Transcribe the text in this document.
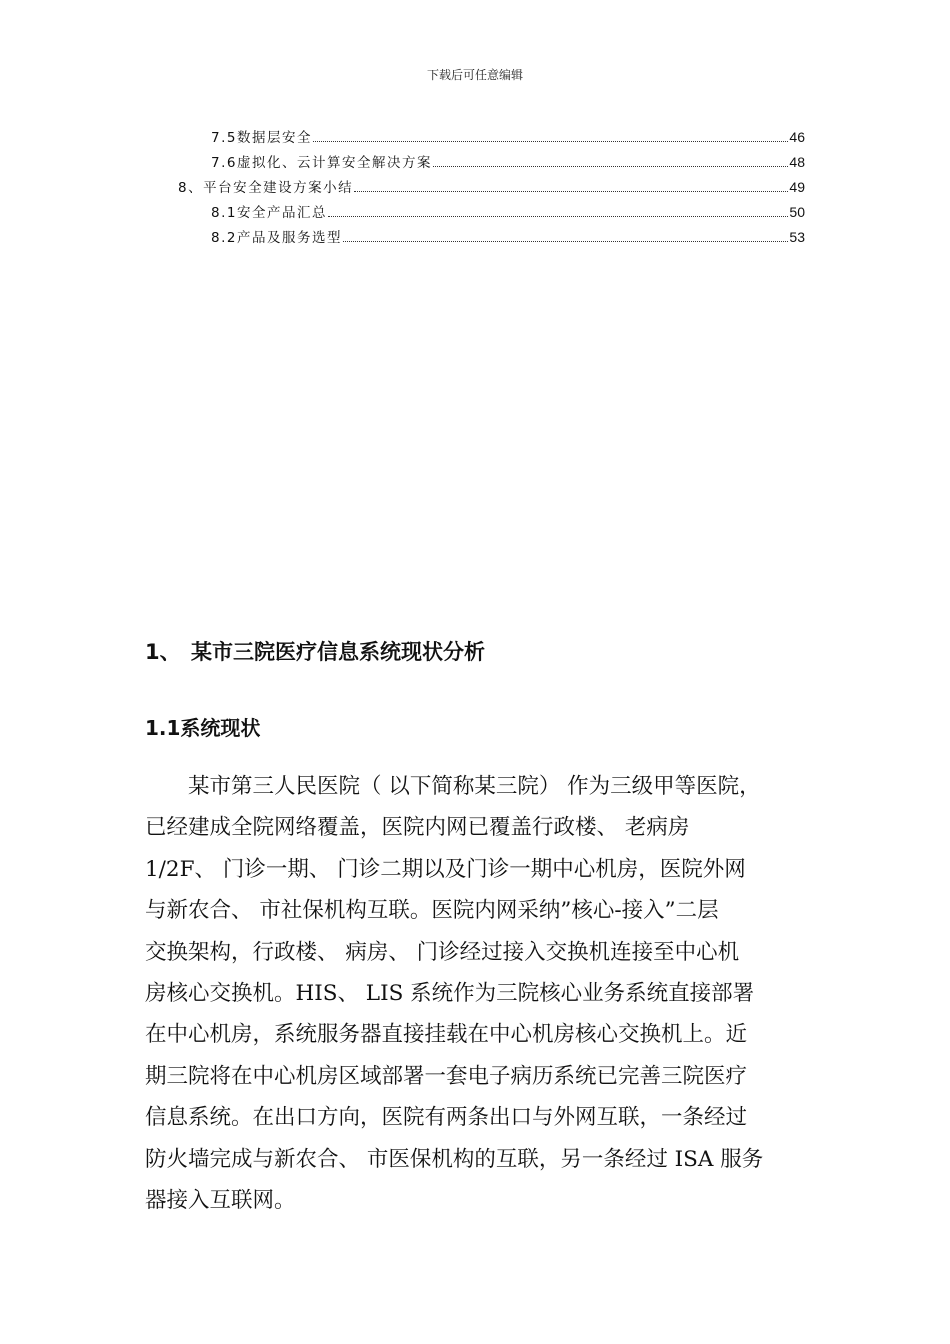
下载后可任意编辑
7.5数据层安全	46
7.6虚拟化、云计算安全解决方案	48
8、平台安全建设方案小结	49
8.1安全产品汇总	50
8.2产品及服务选型	53
1、 某市三院医疗信息系统现状分析
1.1系统现状
　　某市第三人民医院（ 以下简称某三院） 作为三级甲等医院，
已经建成全院网络覆盖，医院内网已覆盖行政楼、 老病房
1/2F、 门诊一期、 门诊二期以及门诊一期中心机房，医院外网
与新农合、 市社保机构互联。医院内网采纳”核心-接入”二层
交换架构，行政楼、 病房、 门诊经过接入交换机连接至中心机
房核心交换机。HIS、 LIS 系统作为三院核心业务系统直接部署
在中心机房，系统服务器直接挂载在中心机房核心交换机上。近
期三院将在中心机房区域部署一套电子病历系统已完善三院医疗
信息系统。在出口方向，医院有两条出口与外网互联，一条经过
防火墙完成与新农合、 市医保机构的互联，另一条经过 ISA 服务
器接入互联网。
